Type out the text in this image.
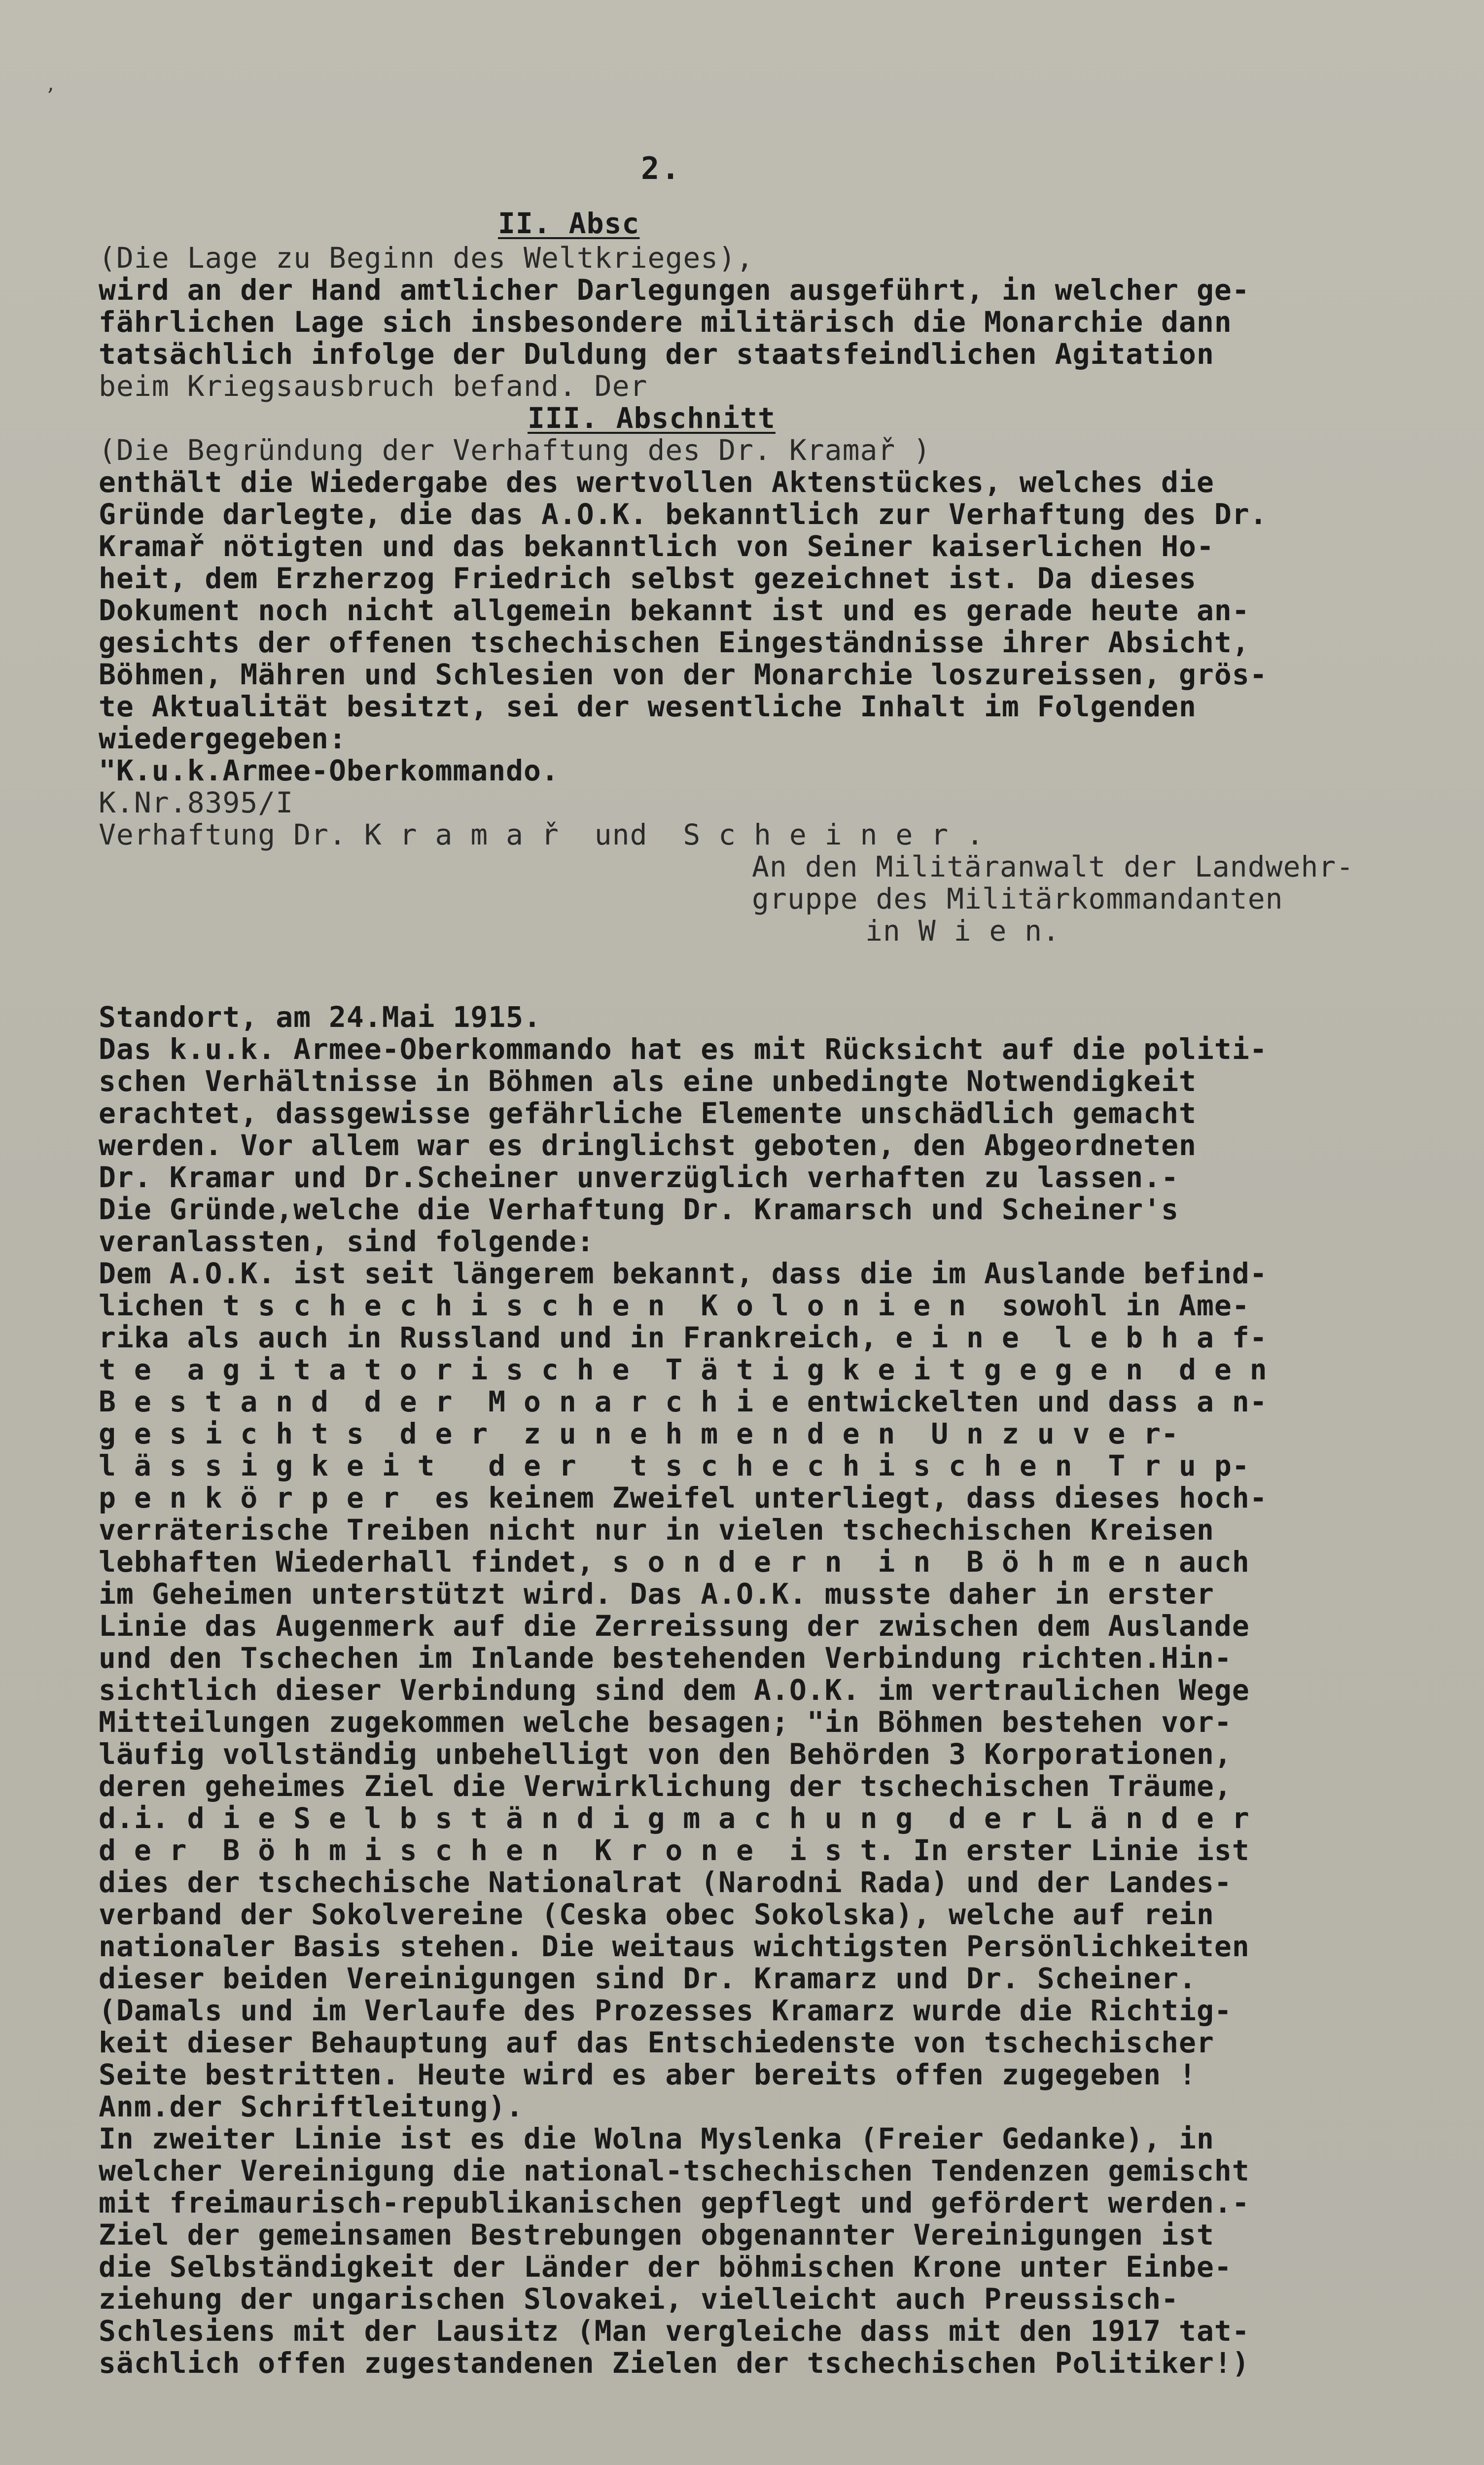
’
2.
II. Absc
(Die Lage zu Beginn des Weltkrieges),
wird an der Hand amtlicher Darlegungen ausgeführt, in welcher ge-
fährlichen Lage sich insbesondere militärisch die Monarchie dann
tatsächlich infolge der Duldung der staatsfeindlichen Agitation
beim Kriegsausbruch befand. Der
III. Abschnitt
(Die Begründung der Verhaftung des Dr. Kramař )
enthält die Wiedergabe des wertvollen Aktenstückes, welches die
Gründe darlegte, die das A.O.K. bekanntlich zur Verhaftung des Dr.
Kramař nötigten und das bekanntlich von Seiner kaiserlichen Ho-
heit, dem Erzherzog Friedrich selbst gezeichnet ist. Da dieses
Dokument noch nicht allgemein bekannt ist und es gerade heute an-
gesichts der offenen tschechischen Eingeständnisse ihrer Absicht,
Böhmen, Mähren und Schlesien von der Monarchie loszureissen, grös-
te Aktualität besitzt, sei der wesentliche Inhalt im Folgenden
wiedergegeben:
"K.u.k.Armee-Oberkommando.
K.Nr.8395/I
Verhaftung Dr. K r a m a ř  und  S c h e i n e r .
An den Militäranwalt der Landwehr-
gruppe des Militärkommandanten
in W i e n.
Standort, am 24.Mai 1915.
Das k.u.k. Armee-Oberkommando hat es mit Rücksicht auf die politi-
schen Verhältnisse in Böhmen als eine unbedingte Notwendigkeit
erachtet, dassgewisse gefährliche Elemente unschädlich gemacht
werden. Vor allem war es dringlichst geboten, den Abgeordneten
Dr. Kramar und Dr.Scheiner unverzüglich verhaften zu lassen.-
Die Gründe,welche die Verhaftung Dr. Kramarsch und Scheiner's
veranlassten, sind folgende:
Dem A.O.K. ist seit längerem bekannt, dass die im Auslande befind-
lichen t s c h e c h i s c h e n  K o l o n i e n  sowohl in Ame-
rika als auch in Russland und in Frankreich, e i n e  l e b h a f-
t e  a g i t a t o r i s c h e  T ä t i g k e i t g e g e n  d e n
B e s t a n d  d e r  M o n a r c h i e entwickelten und dass a n-
g e s i c h t s  d e r  z u n e h m e n d e n  U n z u v e r-
l ä s s i g k e i t   d e r   t s c h e c h i s c h e n  T r u p-
p e n k ö r p e r  es keinem Zweifel unterliegt, dass dieses hoch-
verräterische Treiben nicht nur in vielen tschechischen Kreisen
lebhaften Wiederhall findet, s o n d e r n  i n  B ö h m e n auch
im Geheimen unterstützt wird. Das A.O.K. musste daher in erster
Linie das Augenmerk auf die Zerreissung der zwischen dem Auslande
und den Tschechen im Inlande bestehenden Verbindung richten.Hin-
sichtlich dieser Verbindung sind dem A.O.K. im vertraulichen Wege
Mitteilungen zugekommen welche besagen; "in Böhmen bestehen vor-
läufig vollständig unbehelligt von den Behörden 3 Korporationen,
deren geheimes Ziel die Verwirklichung der tschechischen Träume,
d.i. d i e S e l b s t ä n d i g m a c h u n g  d e r L ä n d e r
d e r  B ö h m i s c h e n  K r o n e  i s t. In erster Linie ist
dies der tschechische Nationalrat (Narodni Rada) und der Landes-
verband der Sokolvereine (Ceska obec Sokolska), welche auf rein
nationaler Basis stehen. Die weitaus wichtigsten Persönlichkeiten
dieser beiden Vereinigungen sind Dr. Kramarz und Dr. Scheiner.
(Damals und im Verlaufe des Prozesses Kramarz wurde die Richtig-
keit dieser Behauptung auf das Entschiedenste von tschechischer
Seite bestritten. Heute wird es aber bereits offen zugegeben !
Anm.der Schriftleitung).
In zweiter Linie ist es die Wolna Myslenka (Freier Gedanke), in
welcher Vereinigung die national-tschechischen Tendenzen gemischt
mit freimaurisch-republikanischen gepflegt und gefördert werden.-
Ziel der gemeinsamen Bestrebungen obgenannter Vereinigungen ist
die Selbständigkeit der Länder der böhmischen Krone unter Einbe-
ziehung der ungarischen Slovakei, vielleicht auch Preussisch-
Schlesiens mit der Lausitz (Man vergleiche dass mit den 1917 tat-
sächlich offen zugestandenen Zielen der tschechischen Politiker!)
